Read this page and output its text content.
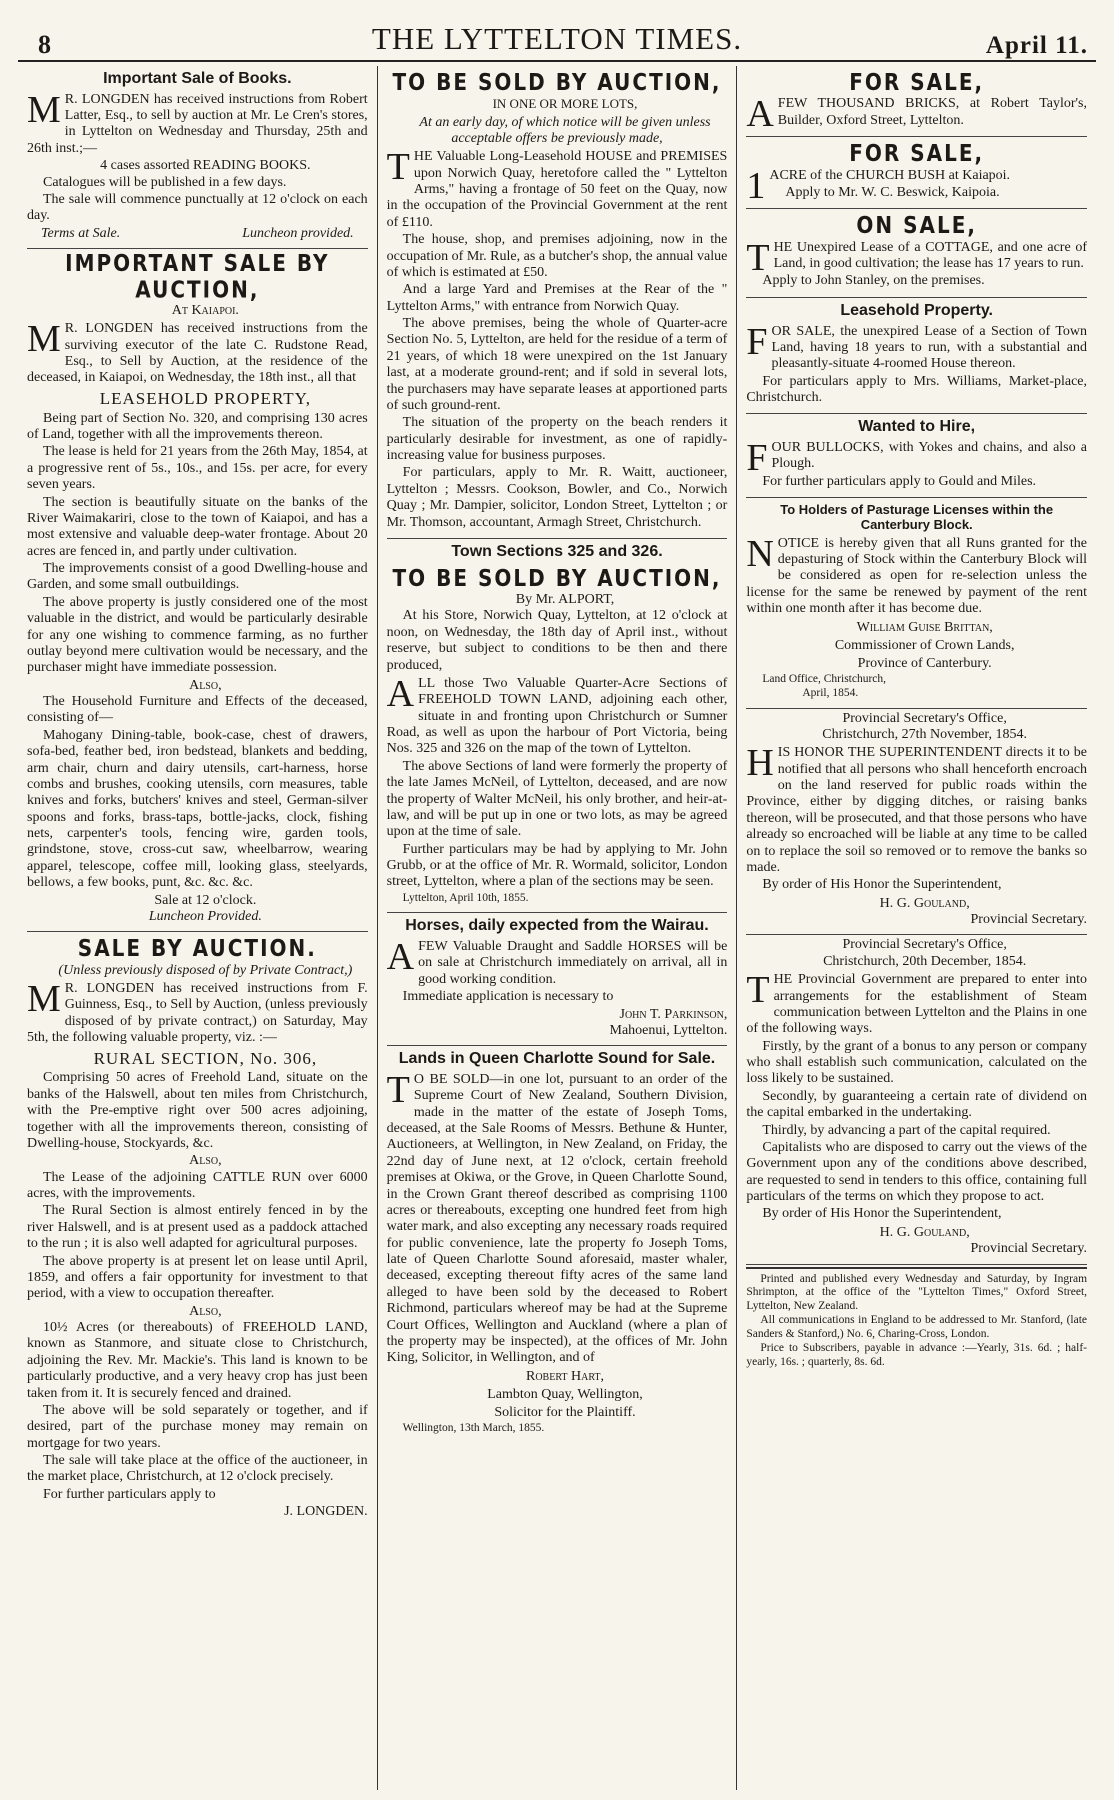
8	THE LYTTELTON TIMES.	April 11.
Important Sale of Books.

MR. LONGDEN has received instructions from Robert Latter, Esq., to sell by auction at Mr. Le Cren's stores, in Lyttelton on Wednesday and Thursday, 25th and 26th inst.;—

4 cases assorted READING BOOKS.

Catalogues will be published in a few days.

The sale will commence punctually at 12 o'clock on each day.

Terms at Sale.	Luncheon provided.
IMPORTANT SALE BY AUCTION,

At Kaiapoi.

MR. LONGDEN has received instructions from the surviving executor of the late C. Rudstone Read, Esq., to Sell by Auction, at the residence of the deceased, in Kaiapoi, on Wednesday, the 18th inst., all that

LEASEHOLD PROPERTY,

Being part of Section No. 320, and comprising 130 acres of Land, together with all the improvements thereon.

The lease is held for 21 years from the 26th May, 1854, at a progressive rent of 5s., 10s., and 15s. per acre, for every seven years.

The section is beautifully situate on the banks of the River Waimakariri, close to the town of Kaiapoi, and has a most extensive and valuable deep-water frontage. About 20 acres are fenced in, and partly under cultivation.

The improvements consist of a good Dwelling-house and Garden, and some small outbuildings.

The above property is justly considered one of the most valuable in the district, and would be particularly desirable for any one wishing to commence farming, as no further outlay beyond mere cultivation would be necessary, and the purchaser might have immediate possession.

Also,

The Household Furniture and Effects of the deceased, consisting of—

Mahogany Dining-table, book-case, chest of drawers, sofa-bed, feather bed, iron bedstead, blankets and bedding, arm chair, churn and dairy utensils, cart-harness, horse combs and brushes, cooking utensils, corn measures, table knives and forks, butchers' knives and steel, German-silver spoons and forks, brass-taps, bottle-jacks, clock, fishing nets, carpenter's tools, fencing wire, garden tools, grindstone, stove, cross-cut saw, wheelbarrow, wearing apparel, telescope, coffee mill, looking glass, steelyards, bellows, a few books, punt, &c. &c. &c.

Sale at 12 o'clock.

Luncheon Provided.

SALE BY AUCTION.

(Unless previously disposed of by Private Contract,)

MR. LONGDEN has received instructions from F. Guinness, Esq., to Sell by Auction, (unless previously disposed of by private contract,) on Saturday, May 5th, the following valuable property, viz. :—

RURAL SECTION, No. 306,

Comprising 50 acres of Freehold Land, situate on the banks of the Halswell, about ten miles from Christchurch, with the Pre-emptive right over 500 acres adjoining, together with all the improvements thereon, consisting of Dwelling-house, Stockyards, &c.

Also,

The Lease of the adjoining CATTLE RUN over 6000 acres, with the improvements.

The Rural Section is almost entirely fenced in by the river Halswell, and is at present used as a paddock attached to the run ; it is also well adapted for agricultural purposes.

The above property is at present let on lease until April, 1859, and offers a fair opportunity for investment to that period, with a view to occupation thereafter.

Also,

10½ Acres (or thereabouts) of FREEHOLD LAND, known as Stanmore, and situate close to Christchurch, adjoining the Rev. Mr. Mackie's. This land is known to be particularly productive, and a very heavy crop has just been taken from it. It is securely fenced and drained.

The above will be sold separately or together, and if desired, part of the purchase money may remain on mortgage for two years.

The sale will take place at the office of the auctioneer, in the market place, Christchurch, at 12 o'clock precisely.

For further particulars apply to

J. LONGDEN.

TO BE SOLD BY AUCTION,

IN ONE OR MORE LOTS,

At an early day, of which notice will be given unless acceptable offers be previously made,

THE Valuable Long-Leasehold HOUSE and PREMISES upon Norwich Quay, heretofore called the " Lyttelton Arms," having a frontage of 50 feet on the Quay, now in the occupation of the Provincial Government at the rent of £110.

The house, shop, and premises adjoining, now in the occupation of Mr. Rule, as a butcher's shop, the annual value of which is estimated at £50.

And a large Yard and Premises at the Rear of the " Lyttelton Arms," with entrance from Norwich Quay.

The above premises, being the whole of Quarter-acre Section No. 5, Lyttelton, are held for the residue of a term of 21 years, of which 18 were unexpired on the 1st January last, at a moderate ground-rent; and if sold in several lots, the purchasers may have separate leases at apportioned parts of such ground-rent.

The situation of the property on the beach renders it particularly desirable for investment, as one of rapidly-increasing value for business purposes.

For particulars, apply to Mr. R. Waitt, auctioneer, Lyttelton ; Messrs. Cookson, Bowler, and Co., Norwich Quay ; Mr. Dampier, solicitor, London Street, Lyttelton ; or Mr. Thomson, accountant, Armagh Street, Christchurch.

Town Sections 325 and 326.
TO BE SOLD BY AUCTION,

By Mr. ALPORT,

At his Store, Norwich Quay, Lyttelton, at 12 o'clock at noon, on Wednesday, the 18th day of April inst., without reserve, but subject to conditions to be then and there produced,

ALL those Two Valuable Quarter-Acre Sections of FREEHOLD TOWN LAND, adjoining each other, situate in and fronting upon Christchurch or Sumner Road, as well as upon the harbour of Port Victoria, being Nos. 325 and 326 on the map of the town of Lyttelton.

The above Sections of land were formerly the property of the late James McNeil, of Lyttelton, deceased, and are now the property of Walter McNeil, his only brother, and heir-at-law, and will be put up in one or two lots, as may be agreed upon at the time of sale.

Further particulars may be had by applying to Mr. John Grubb, or at the office of Mr. R. Wormald, solicitor, London street, Lyttelton, where a plan of the sections may be seen.

Lyttelton, April 10th, 1855.

Horses, daily expected from the Wairau.

AFEW Valuable Draught and Saddle HORSES will be on sale at Christchurch immediately on arrival, all in good working condition.

Immediate application is necessary to

John T. Parkinson,

Mahoenui, Lyttelton.

Lands in Queen Charlotte Sound for Sale.

TO BE SOLD—in one lot, pursuant to an order of the Supreme Court of New Zealand, Southern Division, made in the matter of the estate of Joseph Toms, deceased, at the Sale Rooms of Messrs. Bethune & Hunter, Auctioneers, at Wellington, in New Zealand, on Friday, the 22nd day of June next, at 12 o'clock, certain freehold premises at Okiwa, or the Grove, in Queen Charlotte Sound, in the Crown Grant thereof described as comprising 1100 acres or thereabouts, excepting one hundred feet from high water mark, and also excepting any necessary roads required for public convenience, late the property fo Joseph Toms, late of Queen Charlotte Sound aforesaid, master whaler, deceased, excepting thereout fifty acres of the same land alleged to have been sold by the deceased to Robert Richmond, particulars whereof may be had at the Supreme Court Offices, Wellington and Auckland (where a plan of the property may be inspected), at the offices of Mr. John King, Solicitor, in Wellington, and of

Robert Hart,

Lambton Quay, Wellington,

Solicitor for the Plaintiff.

Wellington, 13th March, 1855.

FOR SALE,

AFEW THOUSAND BRICKS, at Robert Taylor's, Builder, Oxford Street, Lyttelton.

FOR SALE,

1ACRE of the CHURCH BUSH at Kaiapoi.

Apply to Mr. W. C. Beswick, Kaipoia.

ON SALE,

THE Unexpired Lease of a COTTAGE, and one acre of Land, in good cultivation; the lease has 17 years to run.

Apply to John Stanley, on the premises.

Leasehold Property.

FOR SALE, the unexpired Lease of a Section of Town Land, having 18 years to run, with a substantial and pleasantly-situate 4-roomed House thereon.

For particulars apply to Mrs. Williams, Market-place, Christchurch.

Wanted to Hire,

FOUR BULLOCKS, with Yokes and chains, and also a Plough.

For further particulars apply to Gould and Miles.

To Holders of Pasturage Licenses within the Canterbury Block.

NOTICE is hereby given that all Runs granted for the depasturing of Stock within the Canterbury Block will be considered as open for re-selection unless the license for the same be renewed by payment of the rent within one month after it has become due.

William Guise Brittan,

Commissioner of Crown Lands,

Province of Canterbury.

Land Office, Christchurch,

April, 1854.

Provincial Secretary's Office,

Christchurch, 27th November, 1854.

HIS HONOR THE SUPERINTENDENT directs it to be notified that all persons who shall henceforth encroach on the land reserved for public roads within the Province, either by digging ditches, or raising banks thereon, will be prosecuted, and that those persons who have already so encroached will be liable at any time to be called on to replace the soil so removed or to remove the banks so made.

By order of His Honor the Superintendent,

H. G. Gouland,

Provincial Secretary.

Provincial Secretary's Office,

Christchurch, 20th December, 1854.

THE Provincial Government are prepared to enter into arrangements for the establishment of Steam communication between Lyttelton and the Plains in one of the following ways.

Firstly, by the grant of a bonus to any person or company who shall establish such communication, calculated on the loss likely to be sustained.

Secondly, by guaranteeing a certain rate of dividend on the capital embarked in the undertaking.

Thirdly, by advancing a part of the capital required.

Capitalists who are disposed to carry out the views of the Government upon any of the conditions above described, are requested to send in tenders to this office, containing full particulars of the terms on which they propose to act.

By order of His Honor the Superintendent,

H. G. Gouland,

Provincial Secretary.

Printed and published every Wednesday and Saturday, by Ingram Shrimpton, at the office of the "Lyttelton Times," Oxford Street, Lyttelton, New Zealand.

All communications in England to be addressed to Mr. Stanford, (late Sanders & Stanford,) No. 6, Charing-Cross, London.

Price to Subscribers, payable in advance :—Yearly, 31s. 6d. ; half-yearly, 16s. ; quarterly, 8s. 6d.
